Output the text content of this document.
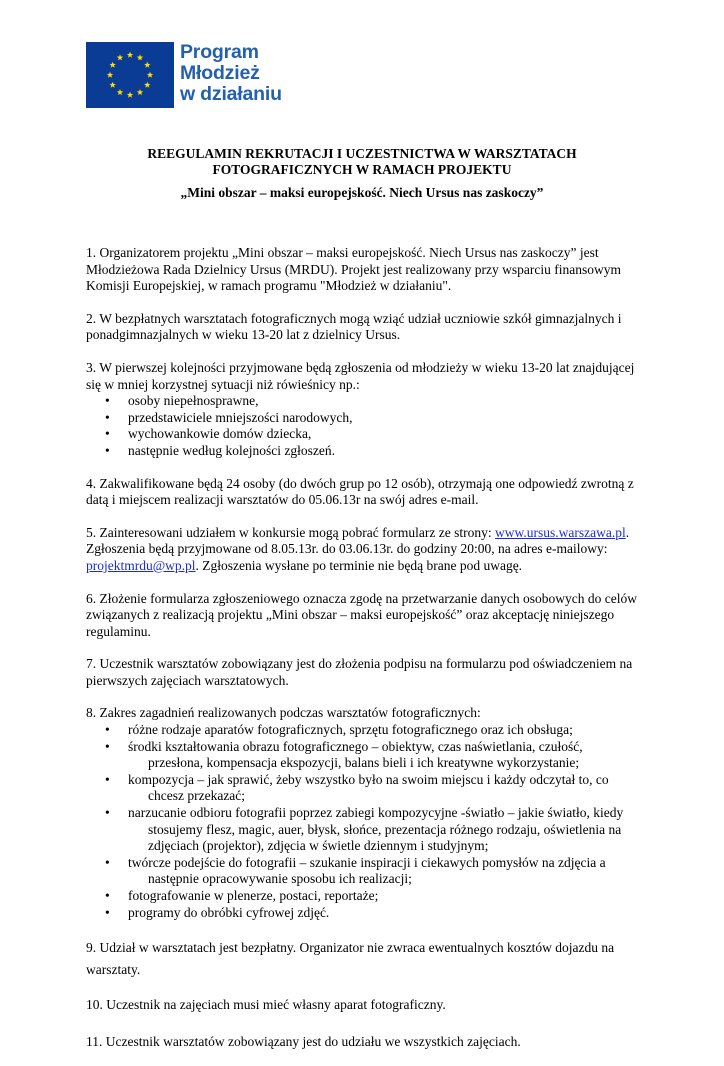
Program
Młodzież
w działaniu
REEGULAMIN REKRUTACJI I UCZESTNICTWA W WARSZTATACH
FOTOGRAFICZNYCH W RAMACH PROJEKTU
„Mini obszar – maksi europejskość. Niech Ursus nas zaskoczy”

1. Organizatorem projektu „Mini obszar – maksi europejskość. Niech Ursus nas zaskoczy” jest Młodzieżowa Rada Dzielnicy Ursus (MRDU). Projekt jest realizowany przy wsparciu finansowym Komisji Europejskiej, w ramach programu "Młodzież w działaniu".

2. W bezpłatnych warsztatach fotograficznych mogą wziąć udział uczniowie szkół gimnazjalnych i ponadgimnazjalnych w wieku 13-20 lat z dzielnicy Ursus.

3. W pierwszej kolejności przyjmowane będą zgłoszenia od młodzieży w wieku 13-20 lat znajdującej się w mniej korzystnej sytuacji niż rówieśnicy np.:

• osoby niepełnosprawne,
• przedstawiciele mniejszości narodowych,
• wychowankowie domów dziecka,
• następnie według kolejności zgłoszeń.

4. Zakwalifikowane będą 24 osoby (do dwóch grup po 12 osób), otrzymają one odpowiedź zwrotną z datą i miejscem realizacji warsztatów do 05.06.13r na swój adres e-mail.

5. Zainteresowani udziałem w konkursie mogą pobrać formularz ze strony: www.ursus.warszawa.pl. Zgłoszenia będą przyjmowane od 8.05.13r. do 03.06.13r. do godziny 20:00, na adres e-mailowy: projektmrdu@wp.pl. Zgłoszenia wysłane po terminie nie będą brane pod uwagę.

6. Złożenie formularza zgłoszeniowego oznacza zgodę na przetwarzanie danych osobowych do celów związanych z realizacją projektu „Mini obszar – maksi europejskość” oraz akceptację niniejszego regulaminu.

7. Uczestnik warsztatów zobowiązany jest do złożenia podpisu na formularzu pod oświadczeniem na pierwszych zajęciach warsztatowych.

8. Zakres zagadnień realizowanych podczas warsztatów fotograficznych:

• różne rodzaje aparatów fotograficznych, sprzętu fotograficznego oraz ich obsługa;
• środki kształtowania obrazu fotograficznego – obiektyw, czas naświetlania, czułość,
przesłona, kompensacja ekspozycji, balans bieli i ich kreatywne wykorzystanie;
• kompozycja – jak sprawić, żeby wszystko było na swoim miejscu i każdy odczytał to, co
chcesz przekazać;
• narzucanie odbioru fotografii poprzez zabiegi kompozycyjne -światło – jakie światło, kiedy
stosujemy flesz, magic, auer, błysk, słońce, prezentacja różnego rodzaju, oświetlenia na zdjęciach (projektor), zdjęcia w świetle dziennym i studyjnym;
• twórcze podejście do fotografii – szukanie inspiracji i ciekawych pomysłów na zdjęcia a
następnie opracowywanie sposobu ich realizacji;
• fotografowanie w plenerze, postaci, reportaże;
• programy do obróbki cyfrowej zdjęć.

9. Udział w warsztatach jest bezpłatny. Organizator nie zwraca ewentualnych kosztów dojazdu na warsztaty.

10. Uczestnik na zajęciach musi mieć własny aparat fotograficzny.

11. Uczestnik warsztatów zobowiązany jest do udziału we wszystkich zajęciach.
